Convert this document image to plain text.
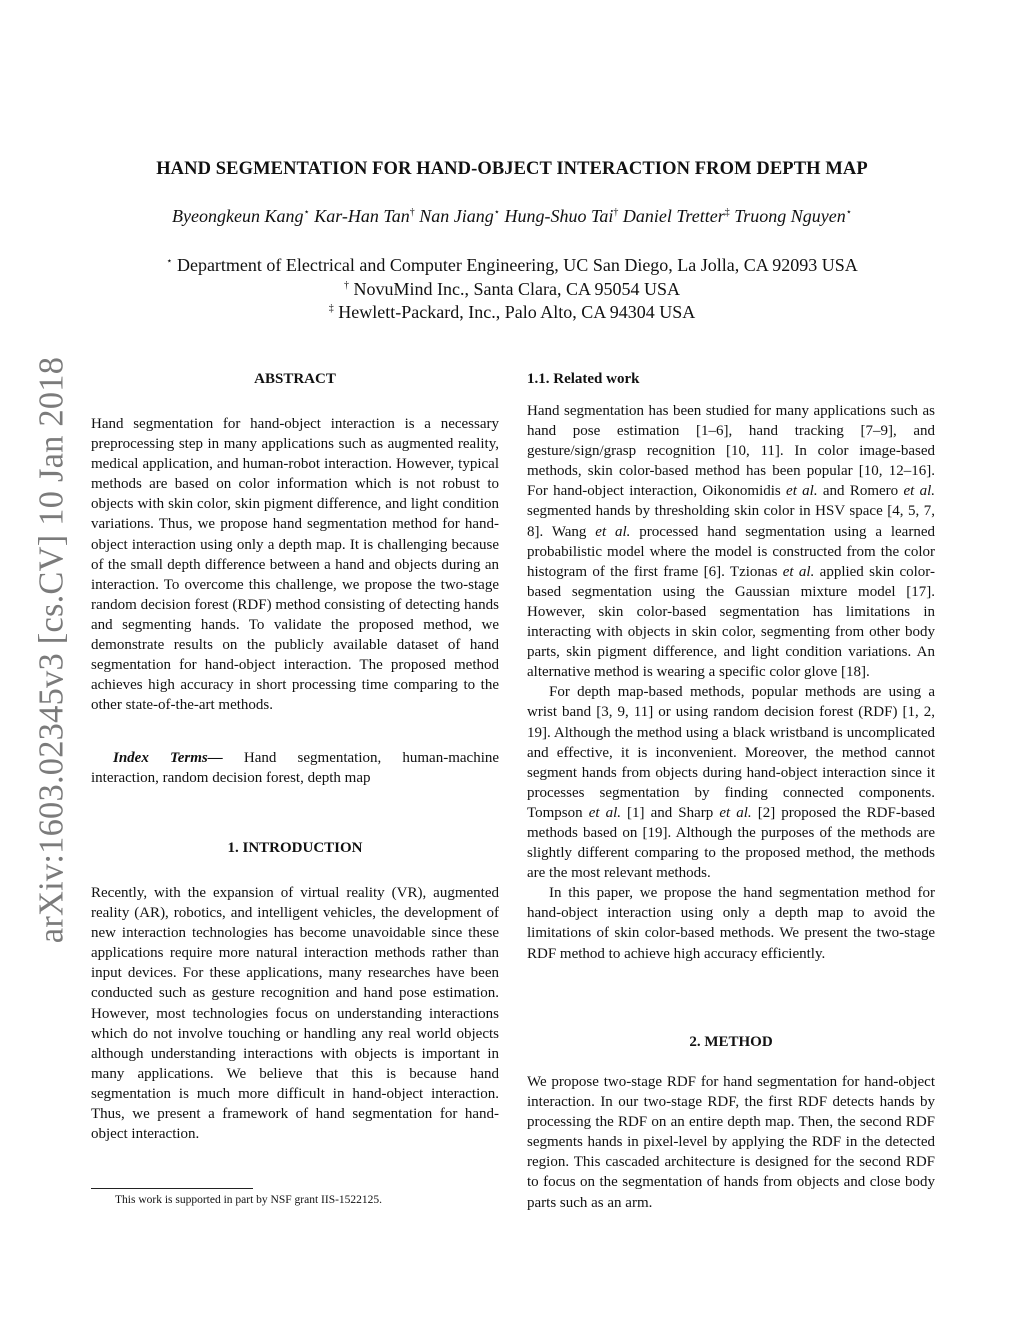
arXiv:1603.02345v3 [cs.CV] 10 Jan 2018
HAND SEGMENTATION FOR HAND-OBJECT INTERACTION FROM DEPTH MAP
Byeongkeun Kang⋆ Kar-Han Tan† Nan Jiang⋆ Hung-Shuo Tai† Daniel Tretter‡ Truong Nguyen⋆
⋆ Department of Electrical and Computer Engineering, UC San Diego, La Jolla, CA 92093 USA
† NovuMind Inc., Santa Clara, CA 95054 USA
‡ Hewlett-Packard, Inc., Palo Alto, CA 94304 USA
ABSTRACT

Hand segmentation for hand-object interaction is a necessary preprocessing step in many applications such as augmented reality, medical application, and human-robot interaction. However, typical methods are based on color information which is not robust to objects with skin color, skin pigment difference, and light condition variations. Thus, we propose hand segmentation method for hand-object interaction using only a depth map. It is challenging because of the small depth difference between a hand and objects during an interaction. To overcome this challenge, we propose the two-stage random decision forest (RDF) method consisting of detecting hands and segmenting hands. To validate the proposed method, we demonstrate results on the publicly available dataset of hand segmentation for hand-object interaction. The proposed method achieves high accuracy in short processing time comparing to the other state-of-the-art methods.

Index Terms— Hand segmentation, human-machine interaction, random decision forest, depth map

1. INTRODUCTION

Recently, with the expansion of virtual reality (VR), augmented reality (AR), robotics, and intelligent vehicles, the development of new interaction technologies has become unavoidable since these applications require more natural interaction methods rather than input devices. For these applications, many researches have been conducted such as gesture recognition and hand pose estimation. However, most technologies focus on understanding interactions which do not involve touching or handling any real world objects although understanding interactions with objects is important in many applications. We believe that this is because hand segmentation is much more difficult in hand-object interaction. Thus, we present a framework of hand segmentation for hand-object interaction.

This work is supported in part by NSF grant IIS-1522125.
1.1. Related work

Hand segmentation has been studied for many applications such as hand pose estimation [1–6], hand tracking [7–9], and gesture/sign/grasp recognition [10, 11]. In color image-based methods, skin color-based method has been popular [10, 12–16]. For hand-object interaction, Oikonomidis et al. and Romero et al. segmented hands by thresholding skin color in HSV space [4, 5, 7, 8]. Wang et al. processed hand segmentation using a learned probabilistic model where the model is constructed from the color histogram of the first frame [6]. Tzionas et al. applied skin color-based segmentation using the Gaussian mixture model [17]. However, skin color-based segmentation has limitations in interacting with objects in skin color, segmenting from other body parts, skin pigment difference, and light condition variations. An alternative method is wearing a specific color glove [18].

For depth map-based methods, popular methods are using a wrist band [3, 9, 11] or using random decision forest (RDF) [1, 2, 19]. Although the method using a black wristband is uncomplicated and effective, it is inconvenient. Moreover, the method cannot segment hands from objects during hand-object interaction since it processes segmentation by finding connected components. Tompson et al. [1] and Sharp et al. [2] proposed the RDF-based methods based on [19]. Although the purposes of the methods are slightly different comparing to the proposed method, the methods are the most relevant methods.

In this paper, we propose the hand segmentation method for hand-object interaction using only a depth map to avoid the limitations of skin color-based methods. We present the two-stage RDF method to achieve high accuracy efficiently.

2. METHOD

We propose two-stage RDF for hand segmentation for hand-object interaction. In our two-stage RDF, the first RDF detects hands by processing the RDF on an entire depth map. Then, the second RDF segments hands in pixel-level by applying the RDF in the detected region. This cascaded architecture is designed for the second RDF to focus on the segmentation of hands from objects and close body parts such as an arm.
